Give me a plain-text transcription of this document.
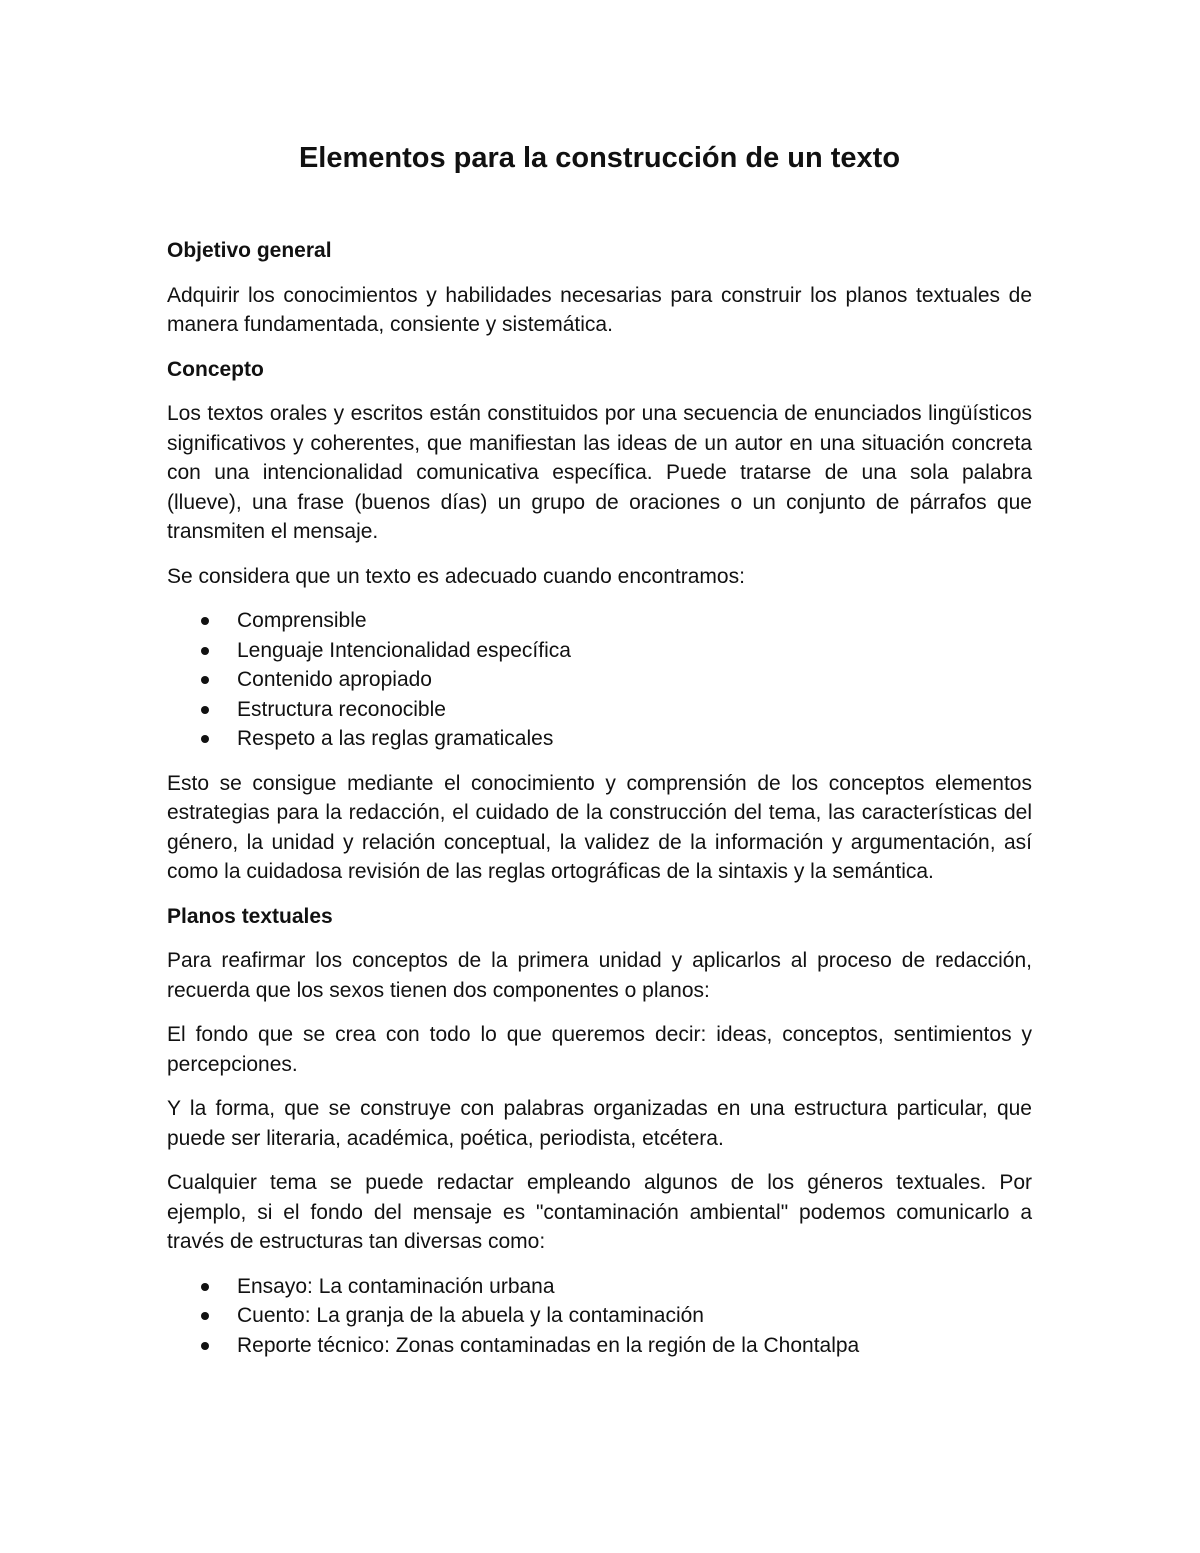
Elementos para la construcción de un texto
Objetivo general

Adquirir los conocimientos y habilidades necesarias para construir los planos textuales de manera fundamentada, consiente y sistemática.

Concepto

Los textos orales y escritos están constituidos por una secuencia de enunciados lingüísticos significativos y coherentes, que manifiestan las ideas de un autor en una situación concreta con una intencionalidad comunicativa específica. Puede tratarse de una sola palabra (llueve), una frase (buenos días) un grupo de oraciones o un conjunto de párrafos que transmiten el mensaje.

Se considera que un texto es adecuado cuando encontramos:

Comprensible
Lenguaje Intencionalidad específica
Contenido apropiado
Estructura reconocible
Respeto a las reglas gramaticales

Esto se consigue mediante el conocimiento y comprensión de los conceptos elementos estrategias para la redacción, el cuidado de la construcción del tema, las características del género, la unidad y relación conceptual, la validez de la información y argumentación, así como la cuidadosa revisión de las reglas ortográficas de la sintaxis y la semántica.

Planos textuales

Para reafirmar los conceptos de la primera unidad y aplicarlos al proceso de redacción, recuerda que los sexos tienen dos componentes o planos:

El fondo que se crea con todo lo que queremos decir: ideas, conceptos, sentimientos y percepciones.

Y la forma, que se construye con palabras organizadas en una estructura particular, que puede ser literaria, académica, poética, periodista, etcétera.

Cualquier tema se puede redactar empleando algunos de los géneros textuales. Por ejemplo, si el fondo del mensaje es "contaminación ambiental" podemos comunicarlo a través de estructuras tan diversas como:

Ensayo: La contaminación urbana
Cuento: La granja de la abuela y la contaminación
Reporte técnico: Zonas contaminadas en la región de la Chontalpa
